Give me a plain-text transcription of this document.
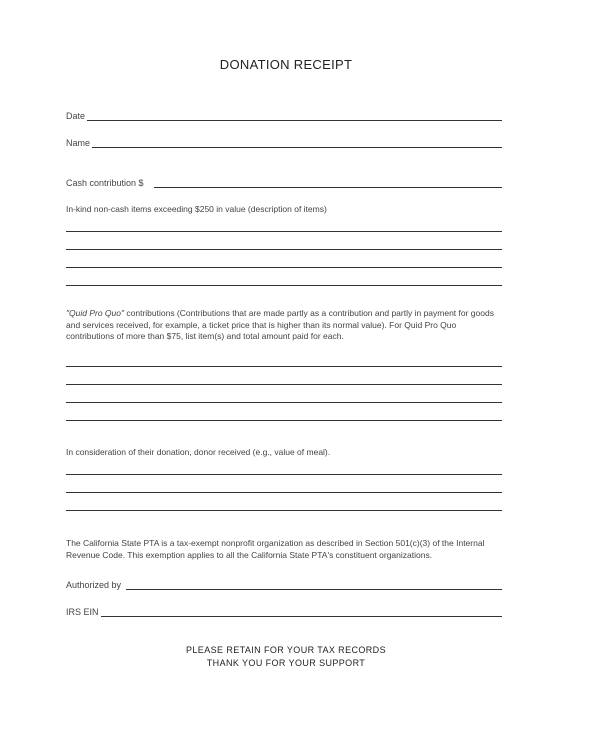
DONATION RECEIPT
Date
Name
Cash contribution $

In-kind non-cash items exceeding $250 in value (description of items)

"Quid Pro Quo" contributions (Contributions that are made partly as a contribution and partly in payment for goods and services received, for example, a ticket price that is higher than its normal value). For Quid Pro Quo contributions of more than $75, list item(s) and total amount paid for each.

In consideration of their donation, donor received (e.g., value of meal).

The California State PTA is a tax-exempt nonprofit organization as described in Section 501(c)(3) of the Internal Revenue Code. This exemption applies to all the California State PTA's constituent organizations.

Authorized by
IRS EIN
PLEASE RETAIN FOR YOUR TAX RECORDS
THANK YOU FOR YOUR SUPPORT
